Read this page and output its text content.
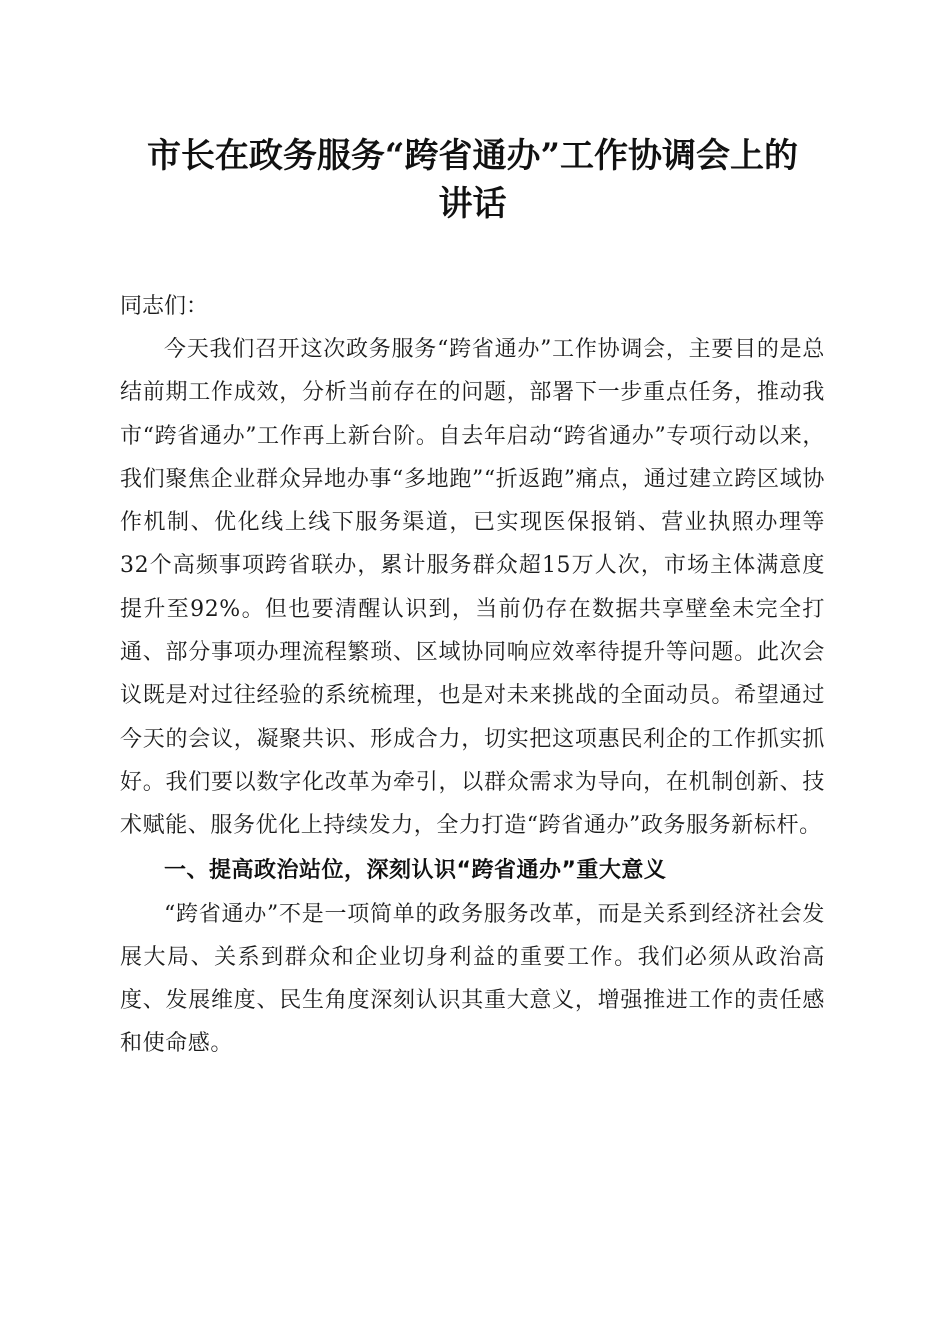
市长在政务服务“跨省通办”工作协调会上的
讲话

同志们：

今天我们召开这次政务服务“跨省通办”工作协调会，主要目的是总结前期工作成效，分析当前存在的问题，部署下一步重点任务，推动我市“跨省通办”工作再上新台阶。自去年启动“跨省通办”专项行动以来，我们聚焦企业群众异地办事“多地跑”“折返跑”痛点，通过建立跨区域协作机制、优化线上线下服务渠道，已实现医保报销、营业执照办理等32个高频事项跨省联办，累计服务群众超15万人次，市场主体满意度提升至92%。但也要清醒认识到，当前仍存在数据共享壁垒未完全打通、部分事项办理流程繁琐、区域协同响应效率待提升等问题。此次会议既是对过往经验的系统梳理，也是对未来挑战的全面动员。希望通过今天的会议，凝聚共识、形成合力，切实把这项惠民利企的工作抓实抓好。我们要以数字化改革为牵引，以群众需求为导向，在机制创新、技术赋能、服务优化上持续发力，全力打造“跨省通办”政务服务新标杆。

一、提高政治站位，深刻认识“跨省通办”重大意义

“跨省通办”不是一项简单的政务服务改革，而是关系到经济社会发展大局、关系到群众和企业切身利益的重要工作。我们必须从政治高度、发展维度、民生角度深刻认识其重大意义，增强推进工作的责任感和使命感。
